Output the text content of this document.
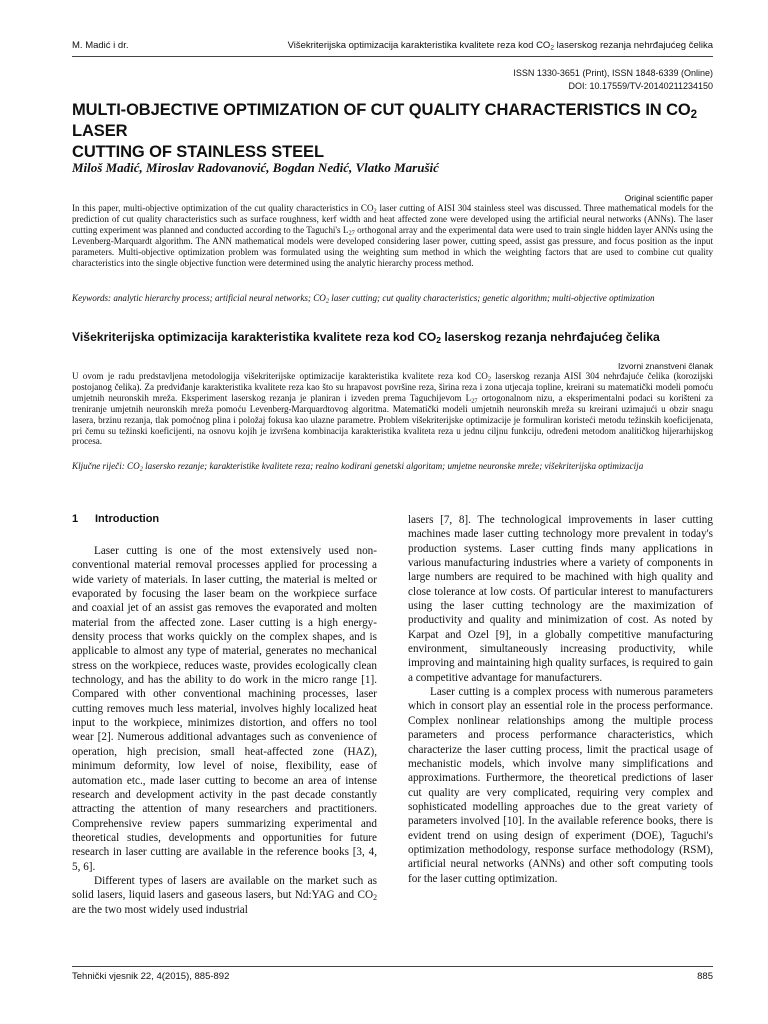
M. Madić i dr.	Višekriterijska optimizacija karakteristika kvalitete reza kod $CO_2$ laserskog rezanja nehrđajućeg čelika
ISSN 1330-3651 (Print), ISSN 1848-6339 (Online)
DOI: 10.17559/TV-20140211234150
MULTI-OBJECTIVE OPTIMIZATION OF CUT QUALITY CHARACTERISTICS IN $CO_2$ LASER
CUTTING OF STAINLESS STEEL
Miloš Madić, Miroslav Radovanović, Bogdan Nedić, Vlatko Marušić
Original scientific paper
In this paper, multi-objective optimization of the cut quality characteristics in $CO_2$ laser cutting of AISI 304 stainless steel was discussed. Three mathematical models for the prediction of cut quality characteristics such as surface roughness, kerf width and heat affected zone were developed using the artificial neural networks (ANNs). The laser cutting experiment was planned and conducted according to the Taguchi's $L_{27}$ orthogonal array and the experimental data were used to train single hidden layer ANNs using the Levenberg-Marquardt algorithm. The ANN mathematical models were developed considering laser power, cutting speed, assist gas pressure, and focus position as the input parameters. Multi-objective optimization problem was formulated using the weighting sum method in which the weighting factors that are used to combine cut quality characteristics into the single objective function were determined using the analytic hierarchy process method.
Keywords: analytic hierarchy process; artificial neural networks; $CO_2$ laser cutting; cut quality characteristics; genetic algorithm; multi-objective optimization
Višekriterijska optimizacija karakteristika kvalitete reza kod $CO_2$ laserskog rezanja nehrđajućeg čelika
Izvorni znanstveni članak
U ovom je radu predstavljena metodologija višekriterijske optimizacije karakteristika kvalitete reza kod $CO_2$ laserskog rezanja AISI 304 nehrđajuće čelika (korozijski postojanog čelika). Za predviđanje karakteristika kvalitete reza kao što su hrapavost površine reza, širina reza i zona utjecaja topline, kreirani su matematički modeli pomoću umjetnih neuronskih mreža. Eksperiment laserskog rezanja je planiran i izveden prema Taguchijevom $L_{27}$ ortogonalnom nizu, a eksperimentalni podaci su korišteni za treniranje umjetnih neuronskih mreža pomoću Levenberg-Marquardtovog algoritma. Matematički modeli umjetnih neuronskih mreža su kreirani uzimajući u obzir snagu lasera, brzinu rezanja, tlak pomoćnog plina i položaj fokusa kao ulazne parametre. Problem višekriterijske optimizacije je formuliran koristeći metodu težinskih koeficijenata, pri čemu su težinski koeficijenti, na osnovu kojih je izvršena kombinacija karakteristika kvaliteta reza u jednu ciljnu funkciju, određeni metodom analitičkog hijerarhijskog procesa.
Ključne riječi: $CO_2$ lasersko rezanje; karakteristike kvalitete reza; realno kodirani genetski algoritam; umjetne neuronske mreže; višekriterijska optimizacija
1 Introduction

Laser cutting is one of the most extensively used non-conventional material removal processes applied for processing a wide variety of materials. In laser cutting, the material is melted or evaporated by focusing the laser beam on the workpiece surface and coaxial jet of an assist gas removes the evaporated and molten material from the affected zone. Laser cutting is a high energy-density process that works quickly on the complex shapes, and is applicable to almost any type of material, generates no mechanical stress on the workpiece, reduces waste, provides ecologically clean technology, and has the ability to do work in the micro range [1]. Compared with other conventional machining processes, laser cutting removes much less material, involves highly localized heat input to the workpiece, minimizes distortion, and offers no tool wear [2]. Numerous additional advantages such as convenience of operation, high precision, small heat-affected zone (HAZ), minimum deformity, low level of noise, flexibility, ease of automation etc., made laser cutting to become an area of intense research and development activity in the past decade constantly attracting the attention of many researchers and practitioners. Comprehensive review papers summarizing experimental and theoretical studies, developments and opportunities for future research in laser cutting are available in the reference books [3, 4, 5, 6].

Different types of lasers are available on the market such as solid lasers, liquid lasers and gaseous lasers, but Nd:YAG and $CO_2$ are the two most widely used industrial

lasers [7, 8]. The technological improvements in laser cutting machines made laser cutting technology more prevalent in today's production systems. Laser cutting finds many applications in various manufacturing industries where a variety of components in large numbers are required to be machined with high quality and close tolerance at low costs. Of particular interest to manufacturers using the laser cutting technology are the maximization of productivity and quality and minimization of cost. As noted by Karpat and Ozel [9], in a globally competitive manufacturing environment, simultaneously increasing productivity, while improving and maintaining high quality surfaces, is required to gain a competitive advantage for manufacturers.

Laser cutting is a complex process with numerous parameters which in consort play an essential role in the process performance. Complex nonlinear relationships among the multiple process parameters and process performance characteristics, which characterize the laser cutting process, limit the practical usage of mechanistic models, which involve many simplifications and approximations. Furthermore, the theoretical predictions of laser cut quality are very complicated, requiring very complex and sophisticated modelling approaches due to the great variety of parameters involved [10]. In the available reference books, there is evident trend on using design of experiment (DOE), Taguchi's optimization methodology, response surface methodology (RSM), artificial neural networks (ANNs) and other soft computing tools for the laser cutting optimization.

Tehnički vjesnik 22, 4(2015), 885-892	885
